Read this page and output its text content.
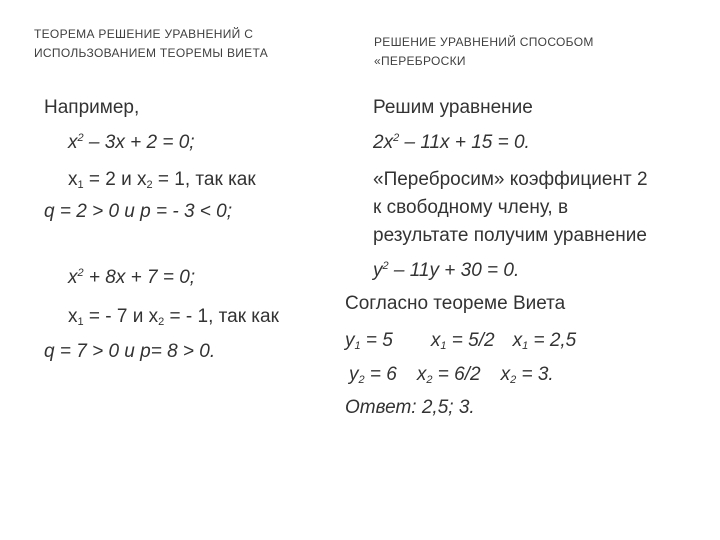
ТЕОРЕМА РЕШЕНИЕ УРАВНЕНИЙ С
ИСПОЛЬЗОВАНИЕМ ТЕОРЕМЫ ВИЕТА
РЕШЕНИЕ УРАВНЕНИЙ СПОСОБОМ
«ПЕРЕБРОСКИ
Например,
$x^2 - 3x + 2 = 0$;
$x_1 = 2$ и $x_2 = 1$, так как
q = 2 > 0 и p = - 3 < 0;
$x^2 + 8x + 7 = 0$;
$x_1$ = - 7 и $x_2$ = - 1, так как
q = 7 > 0 и p= 8 > 0.
Решим уравнение
$2x^2 - 11x + 15 = 0$.
«Перебросим» коэффициент 2
к свободному члену, в
результате получим уравнение
$y^2 - 11y + 30 = 0$.
Согласно теореме Виета
$y_1 = 5$ $x_1 = 5/2$ $x_1 = 2,5$
$y_2 = 6$ $x_2 = 6/2$ $x_2 = 3$.
Ответ: 2,5; 3.
